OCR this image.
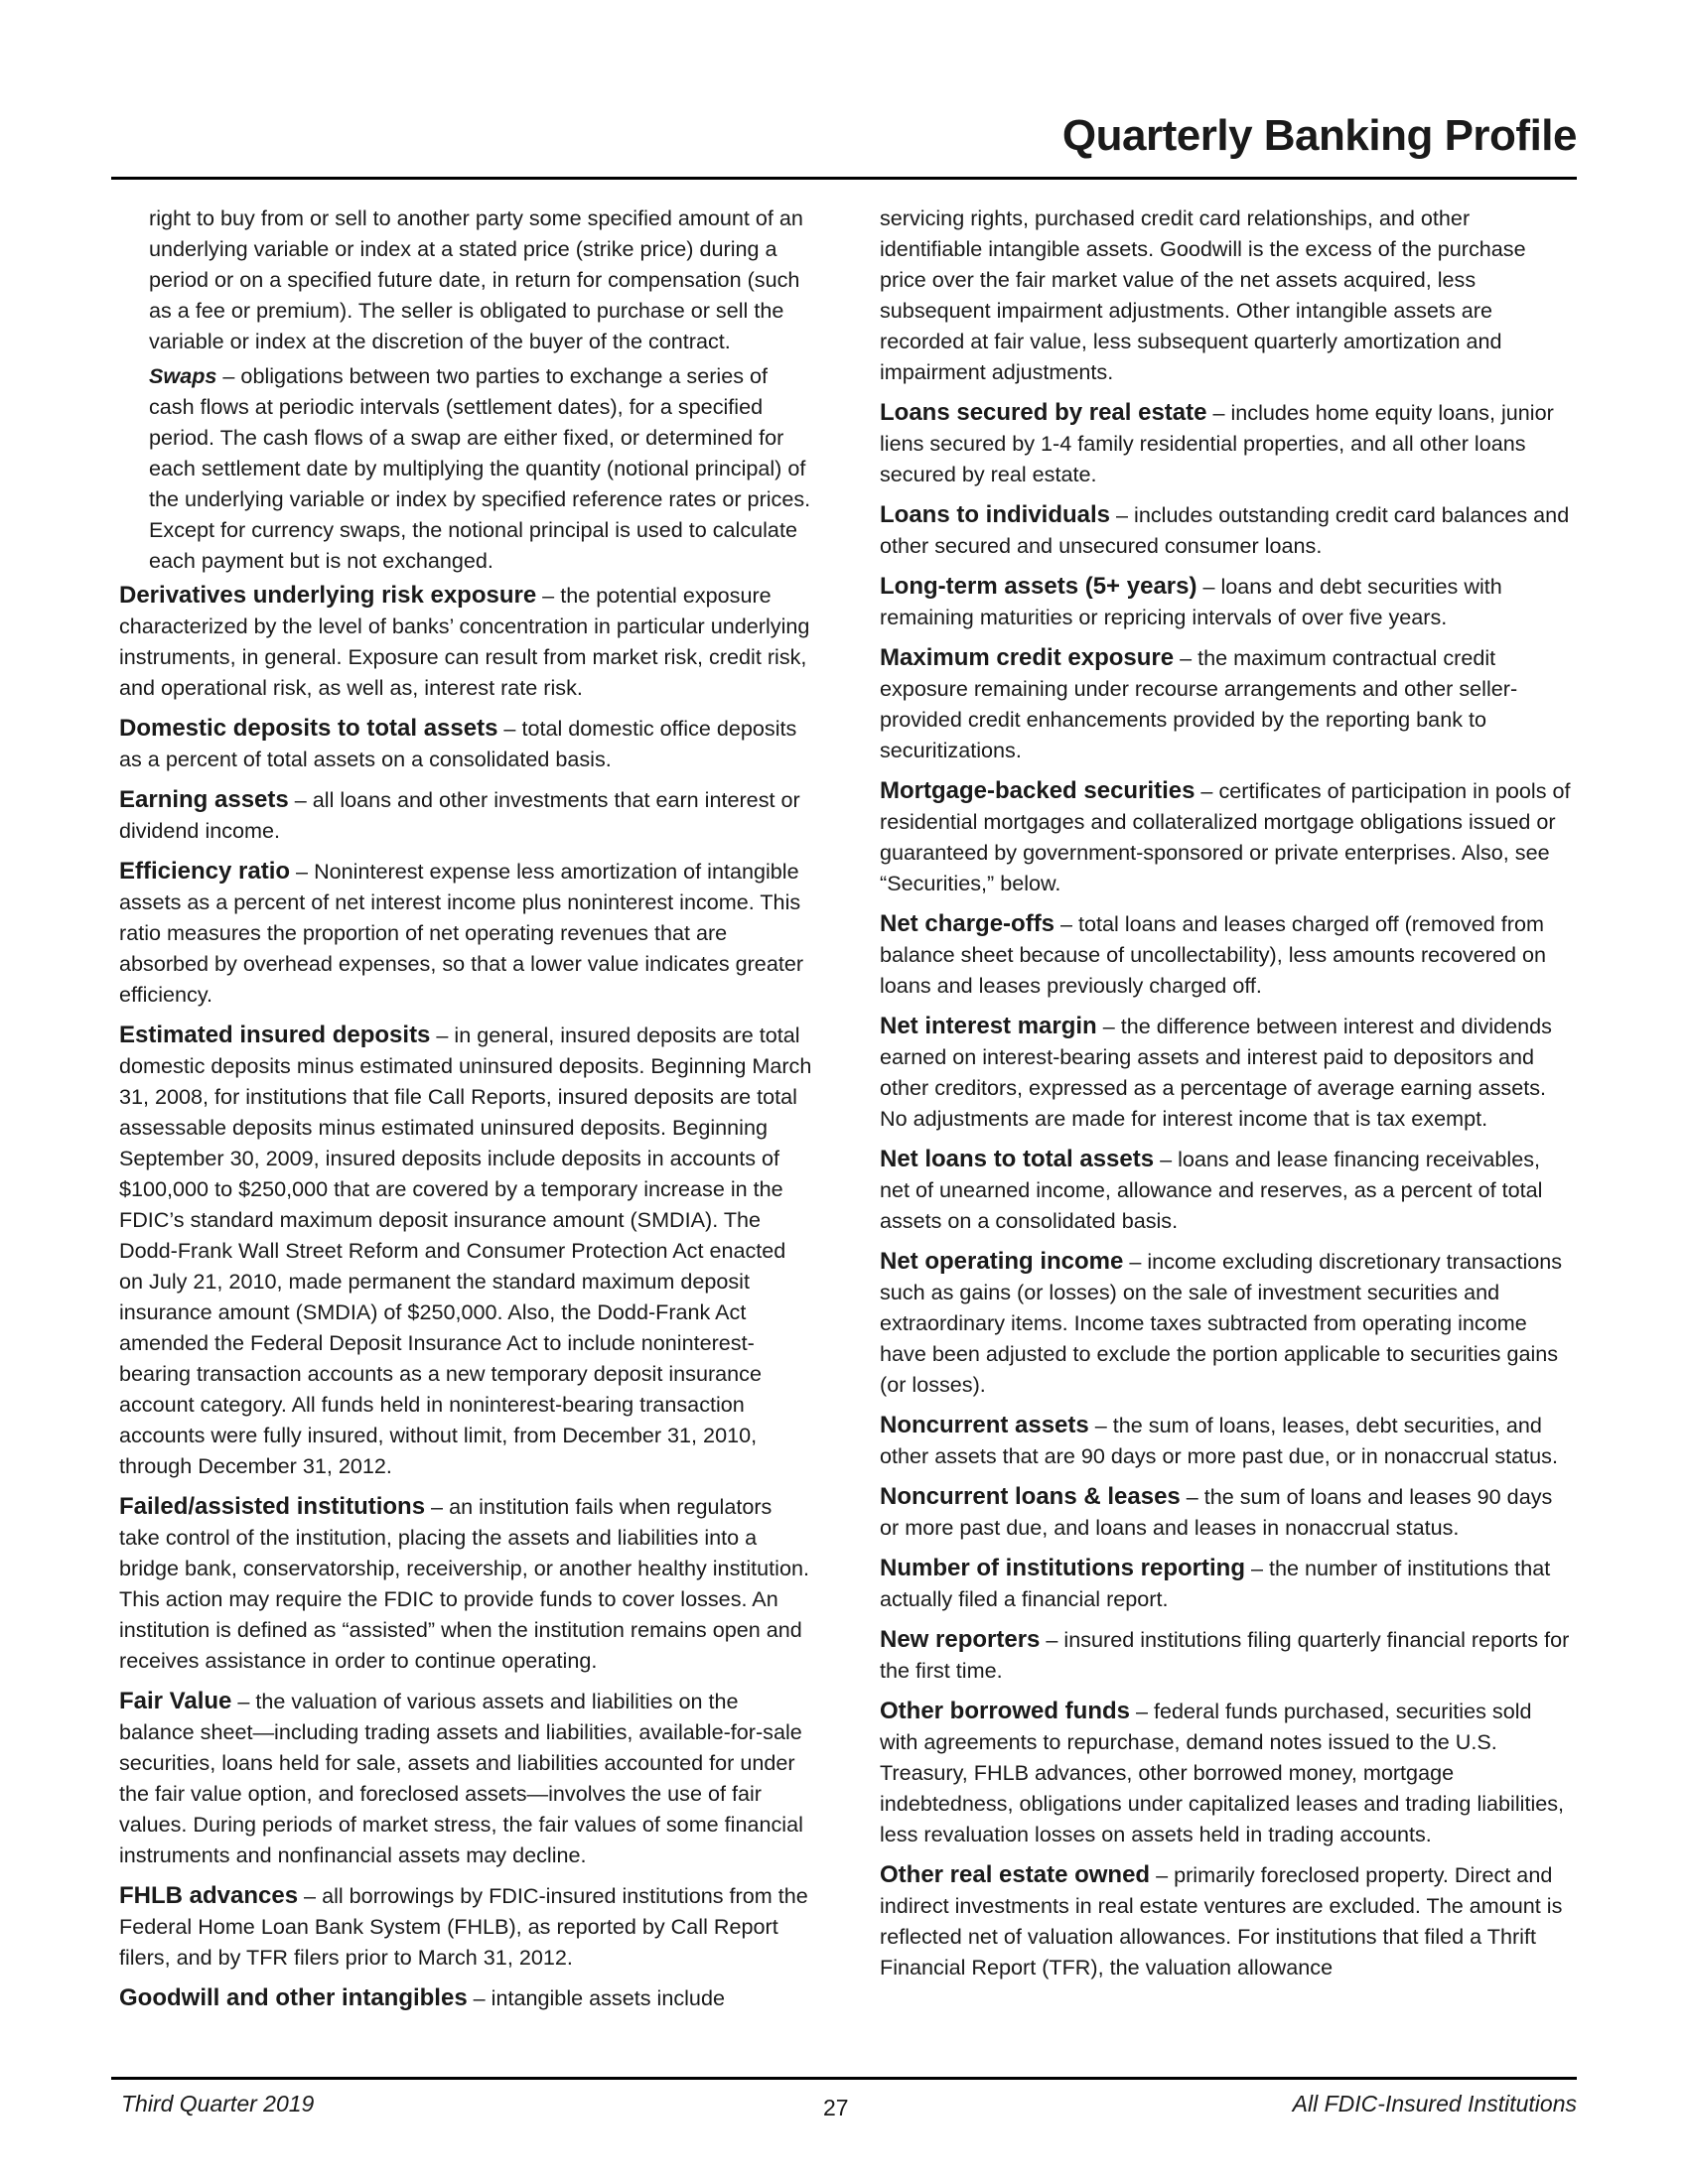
Quarterly Banking Profile
right to buy from or sell to another party some specified amount of an underlying variable or index at a stated price (strike price) during a period or on a specified future date, in return for compensation (such as a fee or premium). The seller is obligated to purchase or sell the variable or index at the discretion of the buyer of the contract.
Swaps – obligations between two parties to exchange a series of cash flows at periodic intervals (settlement dates), for a specified period. The cash flows of a swap are either fixed, or determined for each settlement date by multiplying the quantity (notional principal) of the underlying variable or index by specified reference rates or prices. Except for currency swaps, the notional principal is used to calculate each payment but is not exchanged.
Derivatives underlying risk exposure – the potential exposure characterized by the level of banks’ concentration in particular underlying instruments, in general. Exposure can result from market risk, credit risk, and operational risk, as well as, interest rate risk.
Domestic deposits to total assets – total domestic office deposits as a percent of total assets on a consolidated basis.
Earning assets – all loans and other investments that earn interest or dividend income.
Efficiency ratio – Noninterest expense less amortization of intangible assets as a percent of net interest income plus noninterest income. This ratio measures the proportion of net operating revenues that are absorbed by overhead expenses, so that a lower value indicates greater efficiency.
Estimated insured deposits – in general, insured deposits are total domestic deposits minus estimated uninsured deposits. Beginning March 31, 2008, for institutions that file Call Reports, insured deposits are total assessable deposits minus estimated uninsured deposits. Beginning September 30, 2009, insured deposits include deposits in accounts of $100,000 to $250,000 that are covered by a temporary increase in the FDIC’s standard maximum deposit insurance amount (SMDIA). The Dodd-Frank Wall Street Reform and Consumer Protection Act enacted on July 21, 2010, made permanent the standard maximum deposit insurance amount (SMDIA) of $250,000. Also, the Dodd-Frank Act amended the Federal Deposit Insurance Act to include noninterest-bearing transaction accounts as a new temporary deposit insurance account category. All funds held in noninterest-bearing transaction accounts were fully insured, without limit, from December 31, 2010, through December 31, 2012.
Failed/assisted institutions – an institution fails when regulators take control of the institution, placing the assets and liabilities into a bridge bank, conservatorship, receivership, or another healthy institution. This action may require the FDIC to provide funds to cover losses. An institution is defined as “assisted” when the institution remains open and receives assistance in order to continue operating.
Fair Value – the valuation of various assets and liabilities on the balance sheet—including trading assets and liabilities, available-for-sale securities, loans held for sale, assets and liabilities accounted for under the fair value option, and foreclosed assets—involves the use of fair values. During periods of market stress, the fair values of some financial instruments and nonfinancial assets may decline.
FHLB advances – all borrowings by FDIC-insured institutions from the Federal Home Loan Bank System (FHLB), as reported by Call Report filers, and by TFR filers prior to March 31, 2012.
Goodwill and other intangibles – intangible assets include
servicing rights, purchased credit card relationships, and other identifiable intangible assets. Goodwill is the excess of the purchase price over the fair market value of the net assets acquired, less subsequent impairment adjustments. Other intangible assets are recorded at fair value, less subsequent quarterly amortization and impairment adjustments.
Loans secured by real estate – includes home equity loans, junior liens secured by 1-4 family residential properties, and all other loans secured by real estate.
Loans to individuals – includes outstanding credit card balances and other secured and unsecured consumer loans.
Long-term assets (5+ years) – loans and debt securities with remaining maturities or repricing intervals of over five years.
Maximum credit exposure – the maximum contractual credit exposure remaining under recourse arrangements and other seller-provided credit enhancements provided by the reporting bank to securitizations.
Mortgage-backed securities – certificates of participation in pools of residential mortgages and collateralized mortgage obligations issued or guaranteed by government-sponsored or private enterprises. Also, see “Securities,” below.
Net charge-offs – total loans and leases charged off (removed from balance sheet because of uncollectability), less amounts recovered on loans and leases previously charged off.
Net interest margin – the difference between interest and dividends earned on interest-bearing assets and interest paid to depositors and other creditors, expressed as a percentage of average earning assets. No adjustments are made for interest income that is tax exempt.
Net loans to total assets – loans and lease financing receivables, net of unearned income, allowance and reserves, as a percent of total assets on a consolidated basis.
Net operating income – income excluding discretionary transactions such as gains (or losses) on the sale of investment securities and extraordinary items. Income taxes subtracted from operating income have been adjusted to exclude the portion applicable to securities gains (or losses).
Noncurrent assets – the sum of loans, leases, debt securities, and other assets that are 90 days or more past due, or in nonaccrual status.
Noncurrent loans & leases – the sum of loans and leases 90 days or more past due, and loans and leases in nonaccrual status.
Number of institutions reporting – the number of institutions that actually filed a financial report.
New reporters – insured institutions filing quarterly financial reports for the first time.
Other borrowed funds – federal funds purchased, securities sold with agreements to repurchase, demand notes issued to the U.S. Treasury, FHLB advances, other borrowed money, mortgage indebtedness, obligations under capitalized leases and trading liabilities, less revaluation losses on assets held in trading accounts.
Other real estate owned – primarily foreclosed property. Direct and indirect investments in real estate ventures are excluded. The amount is reflected net of valuation allowances. For institutions that filed a Thrift Financial Report (TFR), the valuation allowance
Third Quarter 2019	27	All FDIC-Insured Institutions
